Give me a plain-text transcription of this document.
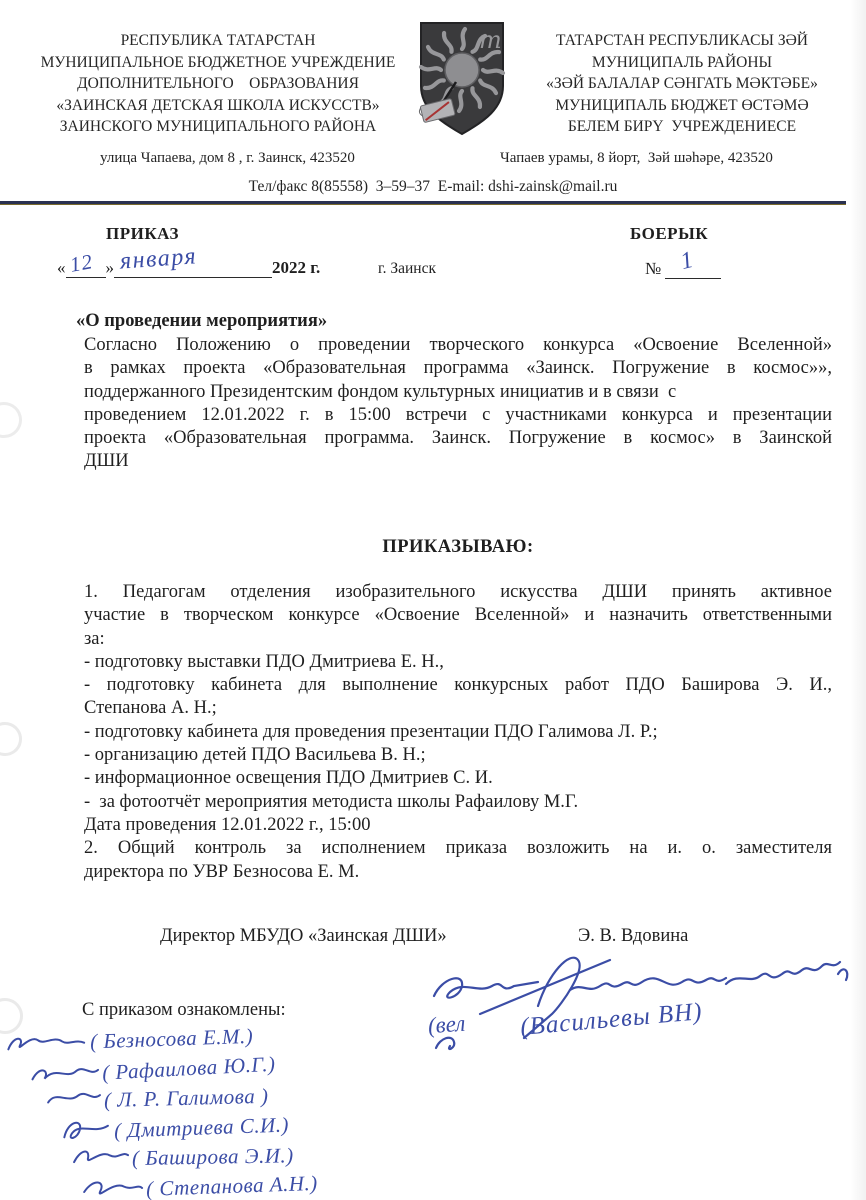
РЕСПУБЛИКА ТАТАРСТАН
МУНИЦИПАЛЬНОЕ БЮДЖЕТНОЕ УЧРЕЖДЕНИЕ
ДОПОЛНИТЕЛЬНОГО    ОБРАЗОВАНИЯ
«ЗАИНСКАЯ ДЕТСКАЯ ШКОЛА ИСКУССТВ»
ЗАИНСКОГО МУНИЦИПАЛЬНОГО РАЙОНА
m	ТАТАРСТАН РЕСПУБЛИКАСЫ ЗӘЙ
МУНИЦИПАЛЬ РАЙОНЫ
«ЗӘЙ БАЛАЛАР СӘНГАТЬ МӘКТӘБЕ»
МУНИЦИПАЛЬ БЮДЖЕТ ӨСТӘМӘ
БЕЛЕМ БИРҮ  УЧРЕЖДЕНИЕСЕ
улица Чапаева, дом 8 , г. Заинск, 423520	Чапаев урамы, 8 йорт,  Зәй шәһәре, 423520
Тел/факс 8(85558)  3–59–37  E-mail: dshi-zainsk@mail.ru
ПРИКАЗ	БОЕРЫК
« 12 » января	2022 г.	г. Заинск	№ 1
«О проведении мероприятия»
Согласно Положению о проведении творческого конкурса «Освоение Вселенной»
в рамках проекта «Образовательная программа «Заинск. Погружение в космос»»,
поддержанного Президентским фондом культурных инициатив и в связи  с
проведением 12.01.2022 г. в 15:00 встречи с участниками конкурса и презентации
проекта «Образовательная программа. Заинск. Погружение в космос» в Заинской
ДШИ
ПРИКАЗЫВАЮ:
1. Педагогам отделения изобразительного искусства ДШИ принять активное
участие в творческом конкурсе «Освоение Вселенной» и назначить ответственными
за:
- подготовку выставки ПДО Дмитриева Е. Н.,
- подготовку кабинета для выполнение конкурсных работ ПДО Баширова Э. И.,
Степанова А. Н.;
- подготовку кабинета для проведения презентации ПДО Галимова Л. Р.;
- организацию детей ПДО Васильева В. Н.;
- информационное освещения ПДО Дмитриев С. И.
-  за фотоотчёт мероприятия методиста школы Рафаилову М.Г.
Дата проведения 12.01.2022 г., 15:00
2. Общий контроль за исполнением приказа возложить на и. о. заместителя
директора по УВР Безносова Е. М.
Директор МБУДО «Заинская ДШИ»	Э. В. Вдовина
(вел (Васильевы ВН)
С приказом ознакомлены:
( Безносова Е.М.)
( Рафаилова Ю.Г.)
( Л. Р. Галимова )
( Дмитриева С.И.)
( Баширова Э.И.)
( Степанова А.Н.)
